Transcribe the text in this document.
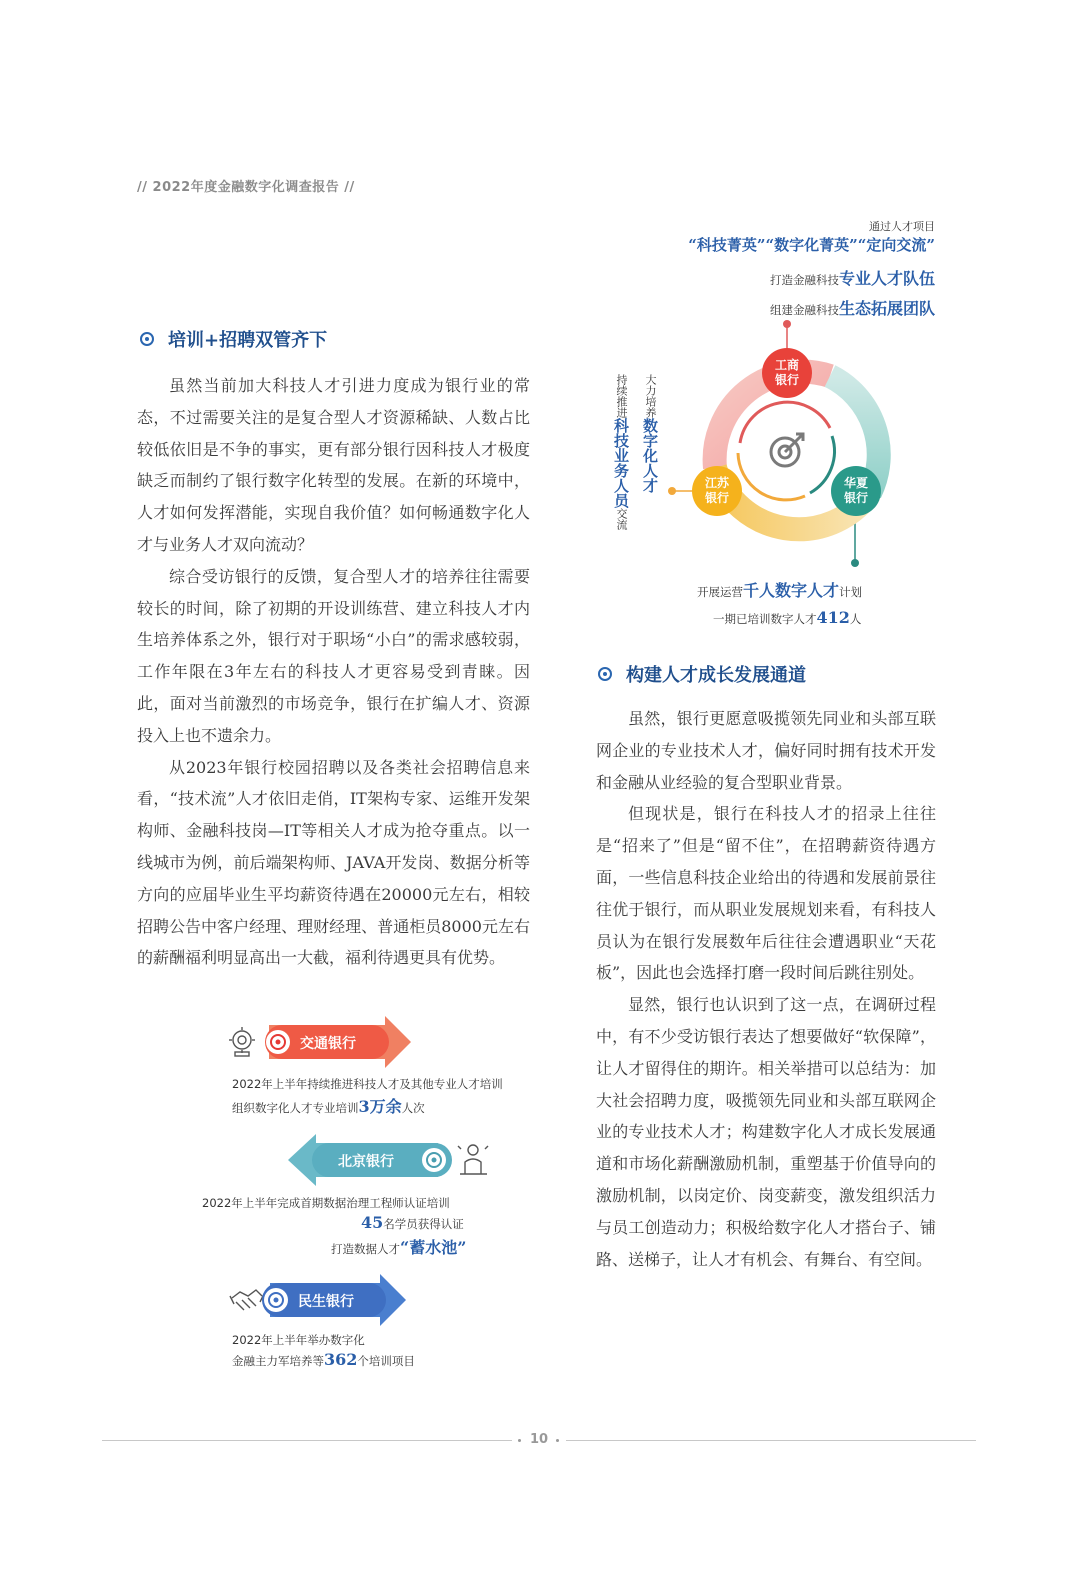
// 2022年度金融数字化调查报告 //
培训+招聘双管齐下

虽然当前加大科技人才引进力度成为银行业的常态，不过需要关注的是复合型人才资源稀缺、人数占比较低依旧是不争的事实，更有部分银行因科技人才极度缺乏而制约了银行数字化转型的发展。在新的环境中，人才如何发挥潜能，实现自我价值？如何畅通数字化人才与业务人才双向流动？

综合受访银行的反馈，复合型人才的培养往往需要较长的时间，除了初期的开设训练营、建立科技人才内生培养体系之外，银行对于职场“小白”的需求感较弱，工作年限在3年左右的科技人才更容易受到青睐。因此，面对当前激烈的市场竞争，银行在扩编人才、资源投入上也不遗余力。

从2023年银行校园招聘以及各类社会招聘信息来看，“技术流”人才依旧走俏，IT架构专家、运维开发架构师、金融科技岗—IT等相关人才成为抢夺重点。以一线城市为例，前后端架构师、JAVA开发岗、数据分析等方向的应届毕业生平均薪资待遇在20000元左右，相较招聘公告中客户经理、理财经理、普通柜员8000元左右的薪酬福利明显高出一大截，福利待遇更具有优势。

交通银行
2022年上半年持续推进科技人才及其他专业人才培训
组织数字化人才专业培训3万余人次
北京银行
2022年上半年完成首期数据治理工程师认证培训
45名学员获得认证
打造数据人才“蓄水池”
民生银行
2022年上半年举办数字化
金融主力军培养等362个培训项目
通过人才项目
“科技菁英”“数字化菁英”“定向交流”
打造金融科技专业人才队伍
组建金融科技生态拓展团队
工商银行
江苏银行
华夏银行
大力培养数字化人才
持续推进科技业务人员交流
开展运营千人数字人才计划
一期已培训数字人才412人
构建人才成长发展通道

虽然，银行更愿意吸揽领先同业和头部互联网企业的专业技术人才，偏好同时拥有技术开发和金融从业经验的复合型职业背景。

但现状是，银行在科技人才的招录上往往是“招来了”但是“留不住”，在招聘薪资待遇方面，一些信息科技企业给出的待遇和发展前景往往优于银行，而从职业发展规划来看，有科技人员认为在银行发展数年后往往会遭遇职业“天花板”，因此也会选择打磨一段时间后跳往别处。

显然，银行也认识到了这一点，在调研过程中，有不少受访银行表达了想要做好“软保障”，让人才留得住的期许。相关举措可以总结为：加大社会招聘力度，吸揽领先同业和头部互联网企业的专业技术人才；构建数字化人才成长发展通道和市场化薪酬激励机制，重塑基于价值导向的激励机制，以岗定价、岗变薪变，激发组织活力与员工创造动力；积极给数字化人才搭台子、铺路、送梯子，让人才有机会、有舞台、有空间。

10
